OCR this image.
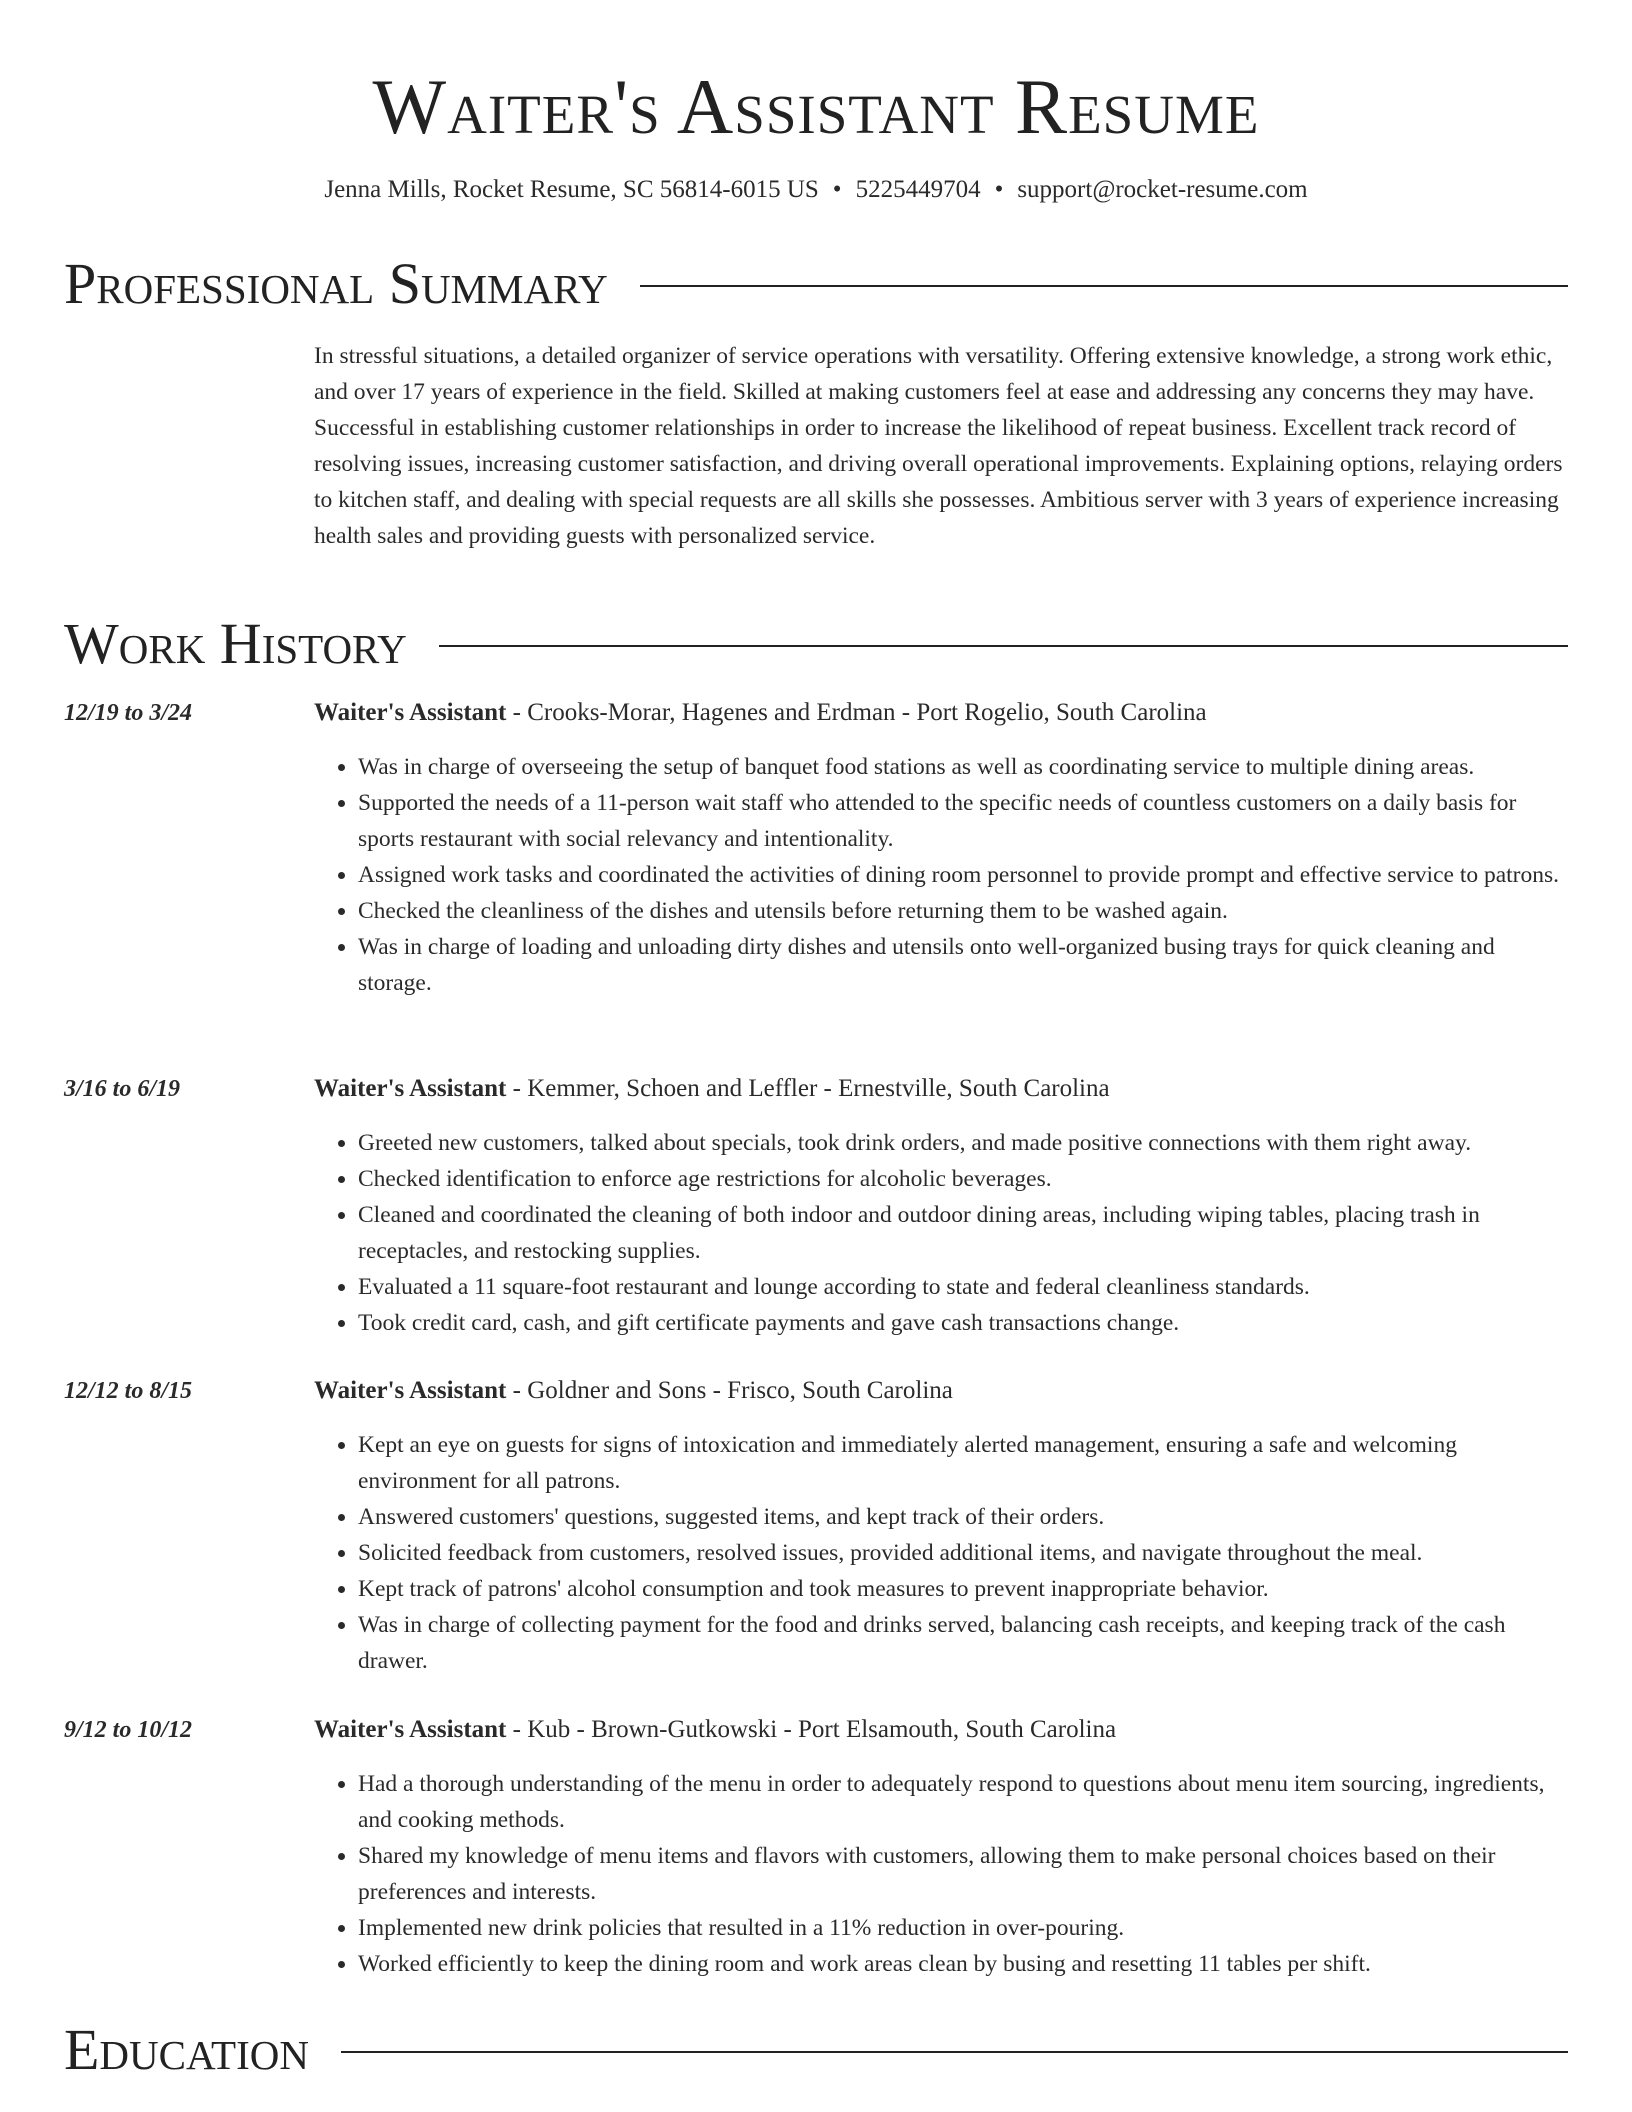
Waiter's Assistant Resume
Jenna Mills, Rocket Resume, SC 56814-6015 US • 5225449704 • support@rocket-resume.com
Professional Summary
In stressful situations, a detailed organizer of service operations with versatility. Offering extensive knowledge, a strong work ethic, and over 17 years of experience in the field. Skilled at making customers feel at ease and addressing any concerns they may have. Successful in establishing customer relationships in order to increase the likelihood of repeat business. Excellent track record of resolving issues, increasing customer satisfaction, and driving overall operational improvements. Explaining options, relaying orders to kitchen staff, and dealing with special requests are all skills she possesses. Ambitious server with 3 years of experience increasing health sales and providing guests with personalized service.
Work History
12/19 to 3/24	Waiter's Assistant - Crooks-Morar, Hagenes and Erdman - Port Rogelio, South Carolina
• Was in charge of overseeing the setup of banquet food stations as well as coordinating service to multiple dining areas.
• Supported the needs of a 11-person wait staff who attended to the specific needs of countless customers on a daily basis for sports restaurant with social relevancy and intentionality.
• Assigned work tasks and coordinated the activities of dining room personnel to provide prompt and effective service to patrons.
• Checked the cleanliness of the dishes and utensils before returning them to be washed again.
• Was in charge of loading and unloading dirty dishes and utensils onto well-organized busing trays for quick cleaning and storage.
3/16 to 6/19	Waiter's Assistant - Kemmer, Schoen and Leffler - Ernestville, South Carolina
• Greeted new customers, talked about specials, took drink orders, and made positive connections with them right away.
• Checked identification to enforce age restrictions for alcoholic beverages.
• Cleaned and coordinated the cleaning of both indoor and outdoor dining areas, including wiping tables, placing trash in receptacles, and restocking supplies.
• Evaluated a 11 square-foot restaurant and lounge according to state and federal cleanliness standards.
• Took credit card, cash, and gift certificate payments and gave cash transactions change.
12/12 to 8/15	Waiter's Assistant - Goldner and Sons - Frisco, South Carolina
• Kept an eye on guests for signs of intoxication and immediately alerted management, ensuring a safe and welcoming environment for all patrons.
• Answered customers' questions, suggested items, and kept track of their orders.
• Solicited feedback from customers, resolved issues, provided additional items, and navigate throughout the meal.
• Kept track of patrons' alcohol consumption and took measures to prevent inappropriate behavior.
• Was in charge of collecting payment for the food and drinks served, balancing cash receipts, and keeping track of the cash drawer.
9/12 to 10/12	Waiter's Assistant - Kub - Brown-Gutkowski - Port Elsamouth, South Carolina
• Had a thorough understanding of the menu in order to adequately respond to questions about menu item sourcing, ingredients, and cooking methods.
• Shared my knowledge of menu items and flavors with customers, allowing them to make personal choices based on their preferences and interests.
• Implemented new drink policies that resulted in a 11% reduction in over-pouring.
• Worked efficiently to keep the dining room and work areas clean by busing and resetting 11 tables per shift.
Education
